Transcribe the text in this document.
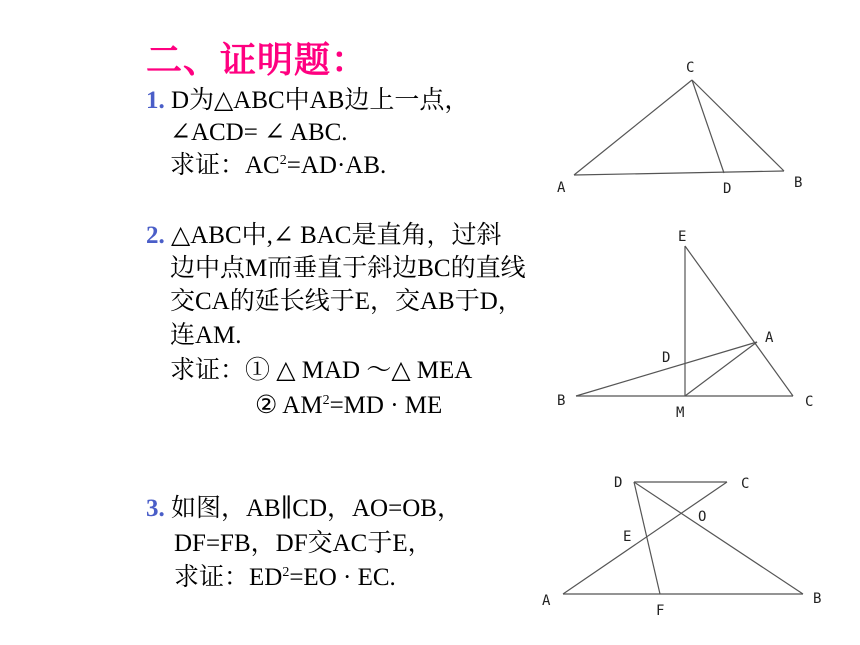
二、证明题：
1. D为△ABC中AB边上一点，
∠ACD= ∠ ABC.
求证：$AC^2=AD\cdot AB$.
2. △ABC中,∠ BAC是直角，过斜
边中点M而垂直于斜边BC的直线
交CA的延长线于E，交AB于D，
连AM.
求证：① △ MAD ～△ MEA
② $AM^2=MD$ · ME
3. 如图，AB∥CD，AO=OB，
DF=FB，DF交AC于E，
求证：$ED^2=EO$ · EC.
A	B
C
D
E
A
D
B
M
C
D	C
O
E
A
F
B
